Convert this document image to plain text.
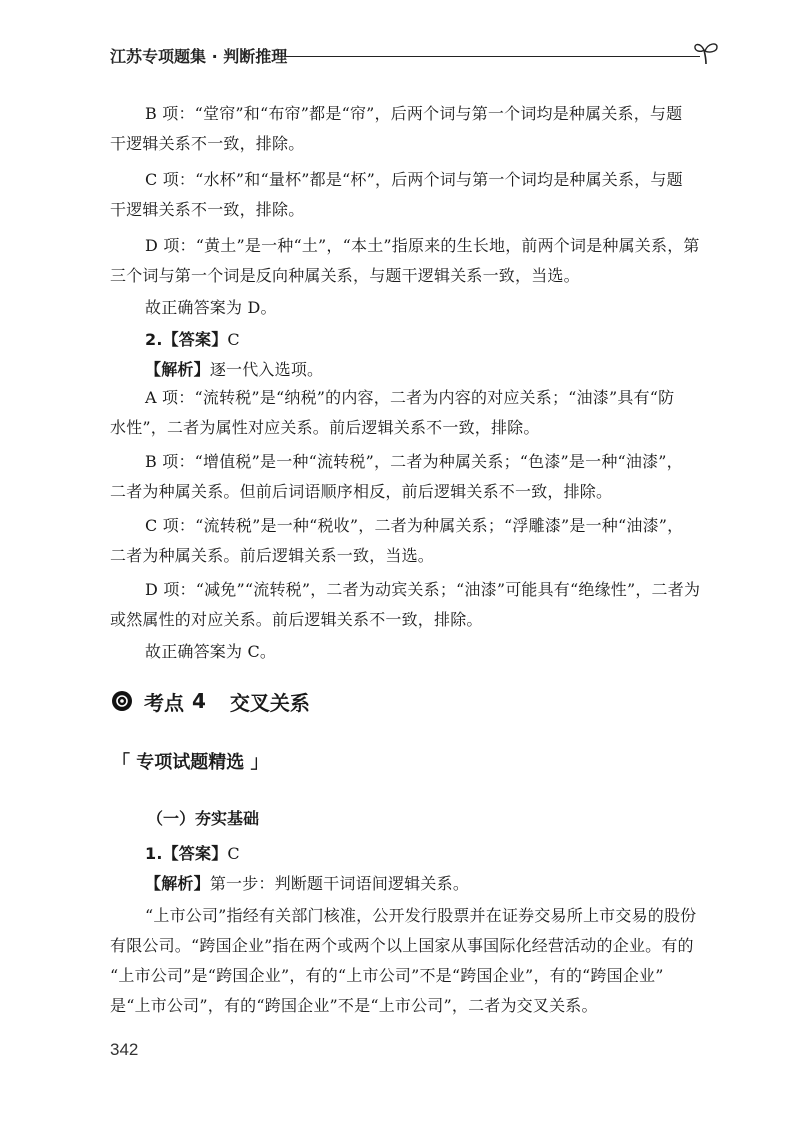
江苏专项题集 · 判断推理
B 项：“堂帘”和“布帘”都是“帘”，后两个词与第一个词均是种属关系，与题
干逻辑关系不一致，排除。
C 项：“水杯”和“量杯”都是“杯”，后两个词与第一个词均是种属关系，与题
干逻辑关系不一致，排除。
D 项：“黄土”是一种“土”，“本土”指原来的生长地，前两个词是种属关系，第
三个词与第一个词是反向种属关系，与题干逻辑关系一致，当选。
故正确答案为 D。
2.【答案】C
【解析】逐一代入选项。
A 项：“流转税”是“纳税”的内容，二者为内容的对应关系；“油漆”具有“防
水性”，二者为属性对应关系。前后逻辑关系不一致，排除。
B 项：“增值税”是一种“流转税”，二者为种属关系；“色漆”是一种“油漆”，
二者为种属关系。但前后词语顺序相反，前后逻辑关系不一致，排除。
C 项：“流转税”是一种“税收”，二者为种属关系；“浮雕漆”是一种“油漆”，
二者为种属关系。前后逻辑关系一致，当选。
D 项：“减免”“流转税”，二者为动宾关系；“油漆”可能具有“绝缘性”，二者为
或然属性的对应关系。前后逻辑关系不一致，排除。
故正确答案为 C。
考点 4 交叉关系
「 专项试题精选 」
（一）夯实基础
1.【答案】C
【解析】第一步：判断题干词语间逻辑关系。
“上市公司”指经有关部门核准，公开发行股票并在证券交易所上市交易的股份
有限公司。“跨国企业”指在两个或两个以上国家从事国际化经营活动的企业。有的
“上市公司”是“跨国企业”，有的“上市公司”不是“跨国企业”，有的“跨国企业”
是“上市公司”，有的“跨国企业”不是“上市公司”，二者为交叉关系。
342
